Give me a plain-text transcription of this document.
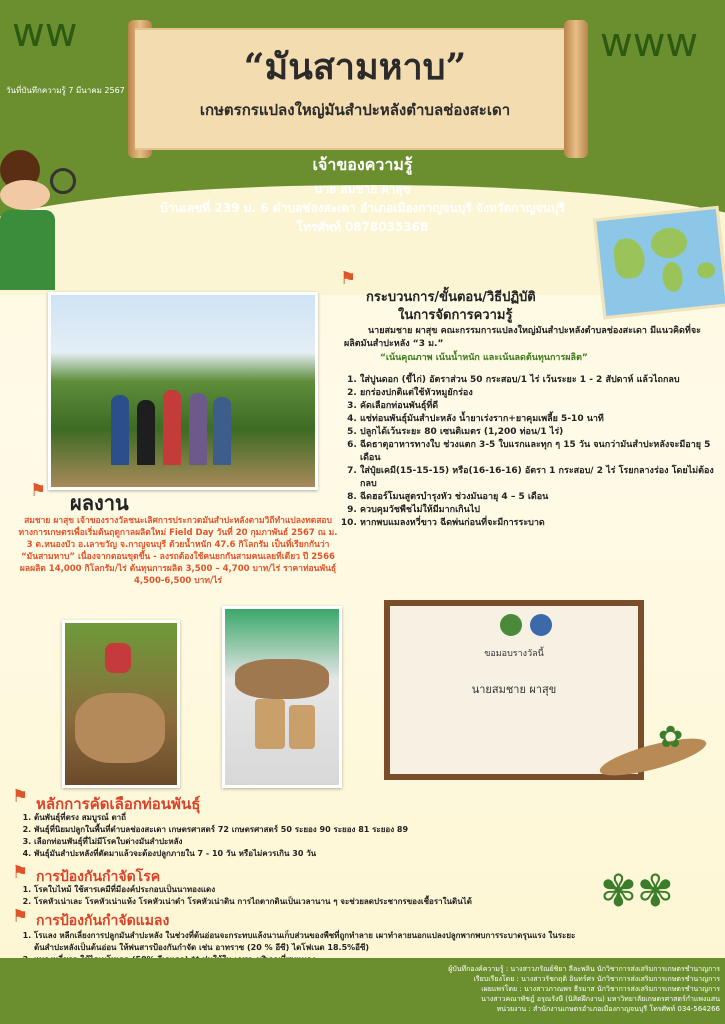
ᴡᴡ	ᴡᴡᴡ
วันที่บันทึกความรู้ 7 มีนาคม 2567
“มันสามหาบ”
เกษตรกรแปลงใหญ่มันสำปะหลังตำบลช่องสะเดา
เจ้าของความรู้
นาย สมชาย ผาสุข
บ้านเลขที่ 239 ม. 6 ตำบลช่องสะเดา อำเภอเมืองกาญจนบุรี จังหวัดกาญจนบุรี
โทรศัพท์ 0878035368
⚑
กระบวนการ/ขั้นตอน/วิธีปฏิบัติ
ในการจัดการความรู้
นายสมชาย ผาสุข คณะกรรมการแปลงใหญ่มันสำปะหลังตำบลช่องสะเดา มีแนวคิดที่จะผลิตมันสำปะหลัง “3 ม.”
“เน้นคุณภาพ เน้นน้ำหนัก และเน้นลดต้นทุนการผลิต”
1. ใส่ปูนดอก (ขี้ไก่) อัตราส่วน 50 กระสอบ/1 ไร่ เว้นระยะ 1 - 2 สัปดาห์ แล้วไถกลบ
2. ยกร่องปกติแต่ใช้หัวหมูยักร่อง
3. คัดเลือกท่อนพันธุ์ที่ดี
4. แช่ท่อนพันธุ์มันสำปะหลัง น้ำยาเร่งราก+ยาคุมเพลี้ย 5-10 นาที
5. ปลูกได้เว้นระยะ 80 เซนติเมตร (1,200 ท่อน/1 ไร่)
6. ฉีดธาตุอาหารทางใบ ช่วงแตก 3-5 ใบแรกและทุก ๆ 15 วัน จนกว่ามันสำปะหลังจะมีอายุ 5 เดือน
7. ใส่ปุ๋ยเคมี(15-15-15) หรือ(16-16-16) อัตรา 1 กระสอบ/ 2 ไร่ โรยกลางร่อง โดยไม่ต้องกลบ
8. ฉีดฮอร์โมนสูตรบำรุงหัว ช่วงมันอายุ 4 – 5 เดือน
9. ควบคุมวัชพืชไม่ให้มีมากเกินไป
10. หากพบแมลงหวี่ขาว ฉีดพ่นก่อนที่จะมีการระบาด
⚑
ผลงาน
สมชาย ผาสุข เจ้าของรางวัลชนะเลิศการประกวดมันสำปะหลังตามวิถีทำแปลงทดสอบ ทางการเกษตรเพื่อเริ่มต้นฤดูกาลผลิตใหม่ Field Day วันที่ 20 กุมภาพันธ์ 2567 ณ ม. 3 ต.หนองบัว อ.เลาขวัญ จ.กาญจนบุรี ด้วยน้ำหนัก 47.6 กิโลกรัม เป็นที่เรียกกันว่า “มันสามหาบ” เนื่องจากตอนขุดขึ้น - ลงรถต้องใช้คนยกกันสามคนเลยทีเดียว ปี 2566 ผลผลิต 14,000 กิโลกรัม/ไร่ ต้นทุนการผลิต 3,500 – 4,700 บาท/ไร่ ราคาท่อนพันธุ์ 4,500-6,500 บาท/ไร่
ขอมอบรางวัลนี้
นายสมชาย ผาสุข
✿
⚑ หลักการคัดเลือกท่อนพันธุ์
1. ต้นพันธุ์ที่ตรง สมบูรณ์ ตาถี่
2. พันธุ์ที่นิยมปลูกในพื้นที่ตำบลช่องสะเดา เกษตรศาสตร์ 72 เกษตรศาสตร์ 50 ระยอง 90 ระยอง 81 ระยอง 89
3. เลือกท่อนพันธุ์ที่ไม่มีโรคใบด่างมันสำปะหลัง
4. พันธุ์มันสำปะหลังที่ตัดมาแล้วจะต้องปลูกภายใน 7 - 10 วัน หรือไม่ควรเกิน 30 วัน
⚑ การป้องกันกำจัดโรค
1. โรคใบไหม้ ใช้สารเคมีที่มีองค์ประกอบเป็นนาทองแดง
2. โรคหัวเน่าเละ โรคหัวเน่าแห้ง โรคหัวเน่าดำ โรคหัวเน่าดิน การไถตากดินเป็นเวลานาน ๆ จะช่วยลดประชากรของเชื้อราในดินได้
⚑ การป้องกันกำจัดแมลง
1. โรแลง หลีกเลี่ยงการปลูกมันสำปะหลัง ในช่วงที่ต้นอ่อนจะกระทบแล้งนานเก็บส่วนของพืชที่ถูกทำลาย เผาทำลายนอกแปลงปลูกพากพบการระบาดรุนแรง ในระยะต้นสำปะหลังเป็นต้นอ่อน ให้พ่นสารป้องกันกำจัด เช่น อาทราซ (20 % อีซี) ไดโฟเนต 18.5%อีซี)
2.
✾✾
ผู้บันทึกองค์ความรู้ : นางสาวภรัณย์ชิยา ลีละพลิน นักวิชาการส่งเสริมการเกษตรชำนาญการ
เรียบเรียงโดย : นางสาวรัชกฤติ อินทร์ศร นักวิชาการส่งเสริมการเกษตรชำนาญการ
เผยแพร่โดย : นางสาวภาณพร ธีรมาส นักวิชาการส่งเสริมการเกษตรชำนาญการ
นางสาวคณาพัชฎ์ อรุณรังษี (นิสิตฝึกงาน) มหาวิทยาลัยเกษตรศาสตร์กำแพงแสน
หน่วยงาน : สำนักงานเกษตรอำเภอเมืองกาญจนบุรี โทรศัพท์ 034-564266
